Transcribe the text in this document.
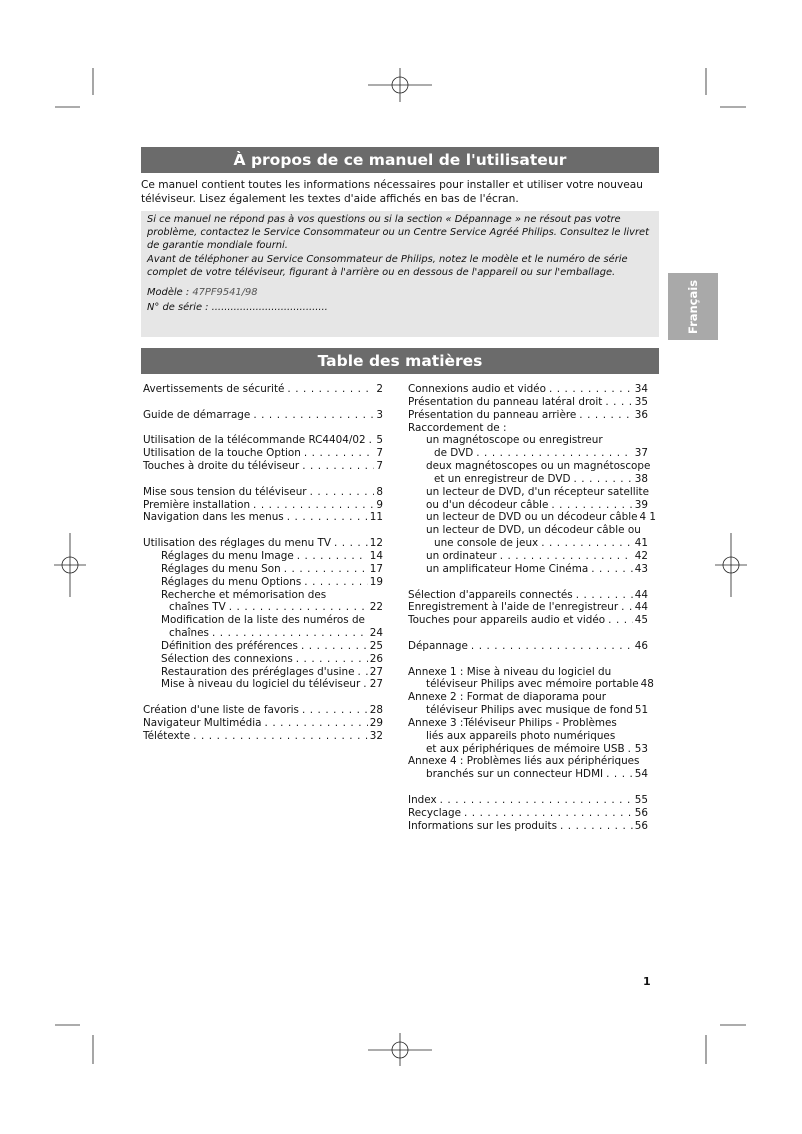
À propos de ce manuel de l'utilisateur
Ce manuel contient toutes les informations nécessaires pour installer et utiliser votre nouveau téléviseur. Lisez également les textes d'aide affichés en bas de l'écran.

Si ce manuel ne répond pas à vos questions ou si la section « Dépannage » ne résout pas votre problème, contactez le Service Consommateur ou un Centre Service Agréé Philips. Consultez le livret de garantie mondiale fourni.

Avant de téléphoner au Service Consommateur de Philips, notez le modèle et le numéro de série complet de votre téléviseur, figurant à l'arrière ou en dessous de l'appareil ou sur l'emballage.

Modèle : 47PF9541/98
N° de série : .....................................	Français
Table des matières
Avertissements de sécurité . . .	2
Guide de démarrage . . .	3
Utilisation de la télécommande RC4404/02 . . . 5
Utilisation de la touche Option . . .	7
Touches à droite du téléviseur . . .	7
Mise sous tension du téléviseur . . .	8
Première installation . . .	9
Navigation dans les menus . . .	11
Utilisation des réglages du menu TV . . .	12
Réglages du menu Image . . .	14
Réglages du menu Son . . .	17
Réglages du menu Options . . .	19
Recherche et mémorisation des
chaînes TV . . .	22
Modification de la liste des numéros de
chaînes . . .	24
Définition des préférences . . .	25
Sélection des connexions . . .	26
Restauration des préréglages d'usine . . . 27
Mise à niveau du logiciel du téléviseur . . . 27
Création d'une liste de favoris . . .	28
Navigateur Multimédia . . .	29
Télétexte . . .	32
Connexions audio et vidéo . . .	34
Présentation du panneau latéral droit . . .	35
Présentation du panneau arrière . . .	36
Raccordement de :
un magnétoscope ou enregistreur
de DVD . . .	37
deux magnétoscopes ou un magnétoscope
et un enregistreur de DVD . . .	38
un lecteur de DVD, d'un récepteur satellite
ou d'un décodeur câble . . .	39
un lecteur de DVD ou un décodeur câble 4 1
un lecteur de DVD, un décodeur câble ou
une console de jeux . . .	41
un ordinateur . . .	42
un amplificateur Home Cinéma . . .	43
Sélection d'appareils connectés . . .	44
Enregistrement à l'aide de l'enregistreur . . . 44
Touches pour appareils audio et vidéo . . .	45
Dépannage . . .	46
Annexe 1 : Mise à niveau du logiciel du
téléviseur Philips avec mémoire portable 48
Annexe 2 : Format de diaporama pour
téléviseur Philips avec musique de fond 51
Annexe 3 :Téléviseur Philips - Problèmes
liés aux appareils photo numériques
et aux périphériques de mémoire USB . . . 53
Annexe 4 : Problèmes liés aux périphériques
branchés sur un connecteur HDMI . . .	54
Index . . .	55
Recyclage . . .	56
Informations sur les produits . . .	56
1
